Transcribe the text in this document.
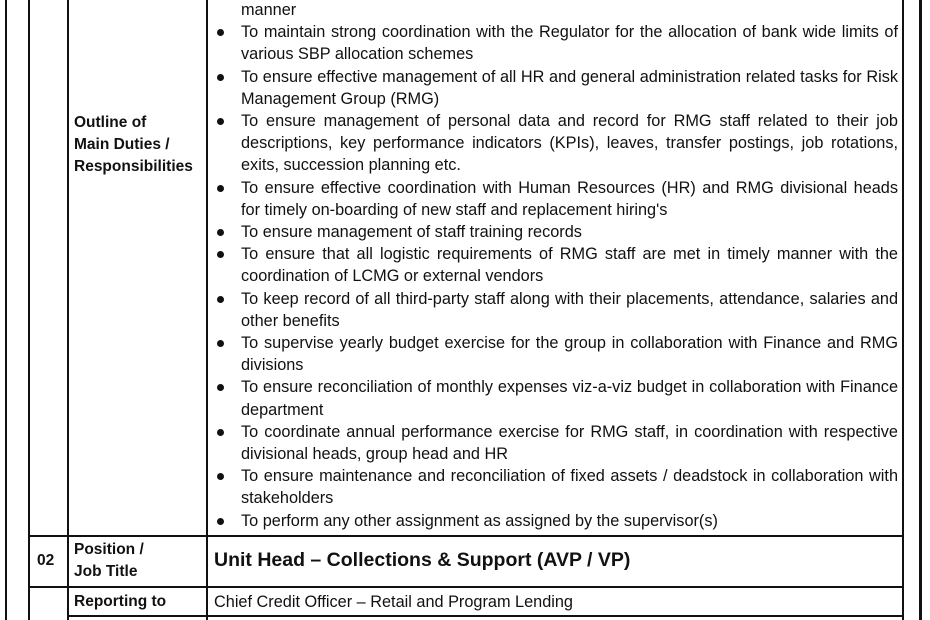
Outline of
Main Duties /
Responsibilities
manner
To maintain strong coordination with the Regulator for the allocation of bank wide limits of various SBP allocation schemes
To ensure effective management of all HR and general administration related tasks for Risk Management Group (RMG)
To ensure management of personal data and record for RMG staff related to their job descriptions, key performance indicators (KPIs), leaves, transfer postings, job rotations, exits, succession planning etc.
To ensure effective coordination with Human Resources (HR) and RMG divisional heads for timely on-boarding of new staff and replacement hiring's
To ensure management of staff training records
To ensure that all logistic requirements of RMG staff are met in timely manner with the coordination of LCMG or external vendors
To keep record of all third-party staff along with their placements, attendance, salaries and other benefits
To supervise yearly budget exercise for the group in collaboration with Finance and RMG divisions
To ensure reconciliation of monthly expenses viz-a-viz budget in collaboration with Finance department
To coordinate annual performance exercise for RMG staff, in coordination with respective divisional heads, group head and HR
To ensure maintenance and reconciliation of fixed assets / deadstock in collaboration with stakeholders
To perform any other assignment as assigned by the supervisor(s)
02
Position /
Job Title
Unit Head – Collections & Support (AVP / VP)
Reporting to	Chief Credit Officer – Retail and Program Lending
